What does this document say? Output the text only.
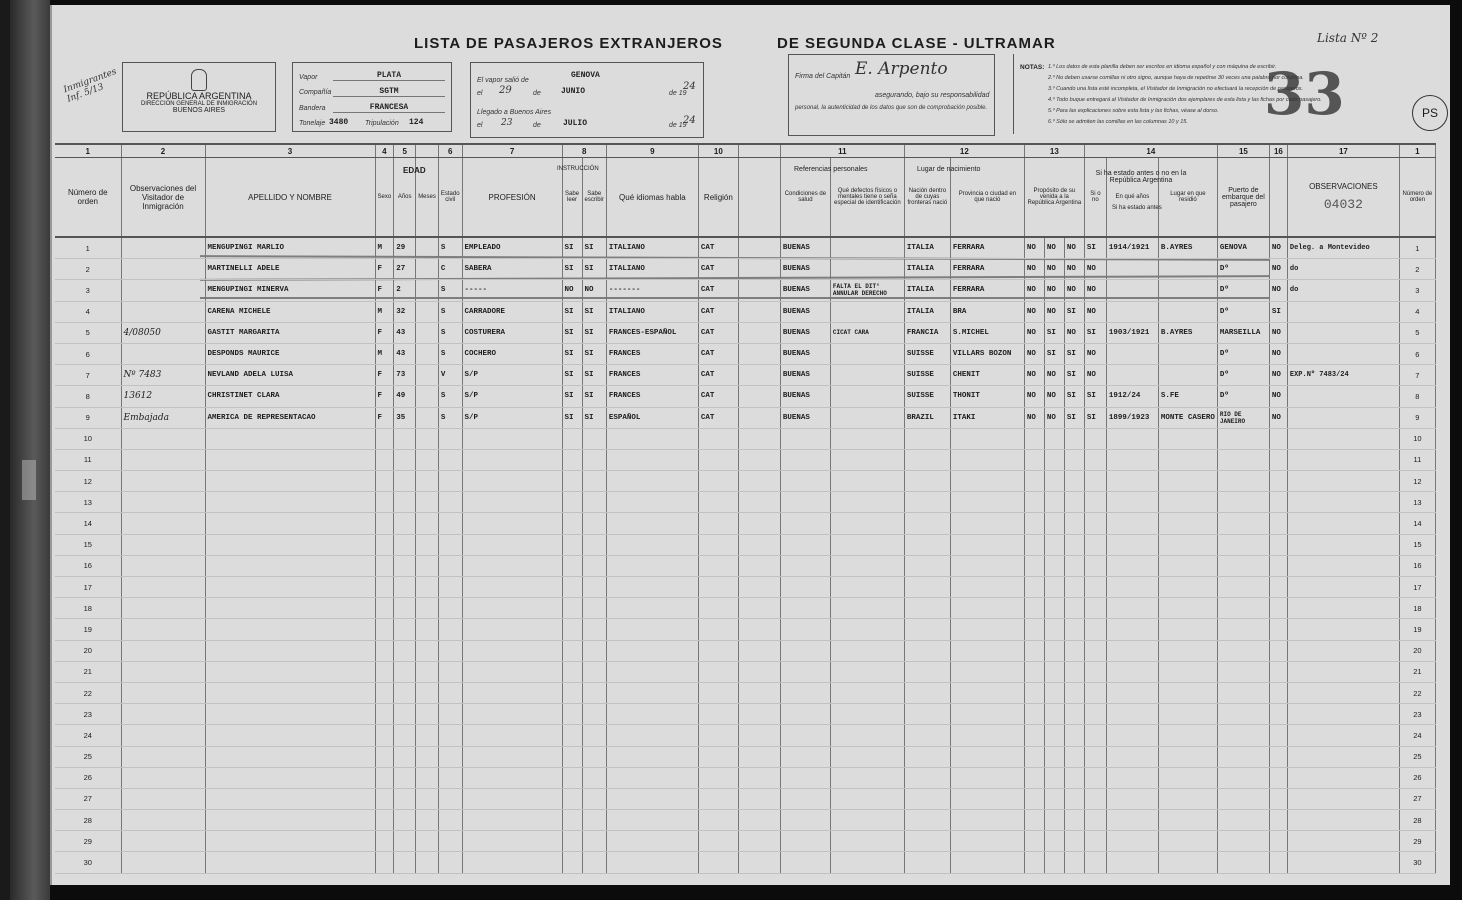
LISTA DE PASAJEROS EXTRANJEROS	DE SEGUNDA CLASE - ULTRAMAR	Lista Nº 2
33	PS
Inmigrantes Inf. 5/13	REPÚBLICA ARGENTINA
DIRECCIÓN GENERAL DE INMIGRACIÓN
BUENOS AIRES
Vapor	PLATA
Compañía	SGTM
Bandera	FRANCESA
Tonelaje 3480 Tripulación 124
El vapor salió de
GENOVA
el 29	de	JUNIO	de 19
24
Llegado a Buenos Aires
el 23	de	JULIO	de 19
24
Firma del Capitán E. Arpento
asegurando, bajo su responsabilidad
personal, la autenticidad de los datos que son de comprobación posible.
NOTAS: 1.º Los datos de esta planilla deben ser escritos en idioma español y con máquina de escribir.
2.º No deben usarse comillas ni otro signo, aunque haya de repetirse 30 veces una palabra por columna.
3.º Cuando una lista esté incompleta, el Visitador de Inmigración no efectuará la recepción de pasajeros.
4.º Todo buque entregará al Visitador de Inmigración dos ejemplares de esta lista y las fichas por cada pasajero.
5.º Para las explicaciones sobre esta lista y las fichas, véase al dorso.
6.º Sólo se admiten las comillas en las columnas 10 y 15.
1	2	3	4	5		6	7	8		9	10		11		12		13			14			15	16	17	1
Número de orden	Observaciones del Visitador de Inmigración	APELLIDO Y NOMBRE	Sexo	Años	Meses	Estado civil	PROFESIÓN	Sabe leer	Sabe escribir	Qué idiomas habla	Religión		Condiciones de salud	Qué defectos físicos o mentales tiene o seña especial de identificación	Nación dentro de cuyas fronteras nació	Provincia o ciudad en que nació	Propósito de su venida a la República Argentina			Si o no	En qué años	Lugar en que residió	Puerto de embarque del pasajero		OBSERVACIONES
04032	Número de orden
1		MENGUPINGI MARLIO	M	29		S	EMPLEADO	SI	SI	ITALIANO	CAT		BUENAS		ITALIA	FERRARA	NO	NO	NO	SI	1914/1921	B.AYRES	GENOVA	NO	Deleg. a Montevideo	1
2		MARTINELLI ADELE	F	27		C	SABERA	SI	SI	ITALIANO	CAT		BUENAS		ITALIA	FERRARA	NO	NO	NO	NO			Dº	NO	do	2
3		MENGUPINGI MINERVA	F	2		S	-----	NO	NO	-------	CAT		BUENAS	FALTA EL DIT° ANNULAR DERECHO	ITALIA	FERRARA	NO	NO	NO	NO			Dº	NO	do	3
4		CARENA MICHELE	M	32		S	CARRADORE	SI	SI	ITALIANO	CAT		BUENAS		ITALIA	BRA	NO	NO	SI	NO			Dº	SI		4
5	4/08050	GASTIT MARGARITA	F	43		S	COSTURERA	SI	SI	FRANCES-ESPAÑOL	CAT		BUENAS	CICAT CARA	FRANCIA	S.MICHEL	NO	SI	NO	SI	1903/1921	B.AYRES	MARSEILLA	NO		5
6		DESPONDS MAURICE	M	43		S	COCHERO	SI	SI	FRANCES	CAT		BUENAS		SUISSE	VILLARS BOZON	NO	SI	SI	NO			Dº	NO		6
7	Nº 7483	NEVLAND ADELA LUISA	F	73		V	S/P	SI	SI	FRANCES	CAT		BUENAS		SUISSE	CHENIT	NO	NO	SI	NO			Dº	NO	EXP.Nº 7483/24	7
8	13612	CHRISTINET CLARA	F	49		S	S/P	SI	SI	FRANCES	CAT		BUENAS		SUISSE	THONIT	NO	NO	SI	SI	1912/24	S.FE	Dº	NO		8
9	Embajada	AMERICA DE REPRESENTACAO	F	35		S	S/P	SI	SI	ESPAÑOL	CAT		BUENAS		BRAZIL	ITAKI	NO	NO	SI	SI	1899/1923	MONTE CASERO	RIO DE JANEIRO	NO		9
10																										10
11																										11
12																										12
13																										13
14																										14
15																										15
16																										16
17																										17
18																										18
19																										19
20																										20
21																										21
22																										22
23																										23
24																										24
25																										25
26																										26
27																										27
28																										28
29																										29
30																										30
EDAD	INSTRUCCIÓN	Referencias personales	Lugar de nacimiento
Si ha estado antes o no en la República Argentina
Si ha estado antes
